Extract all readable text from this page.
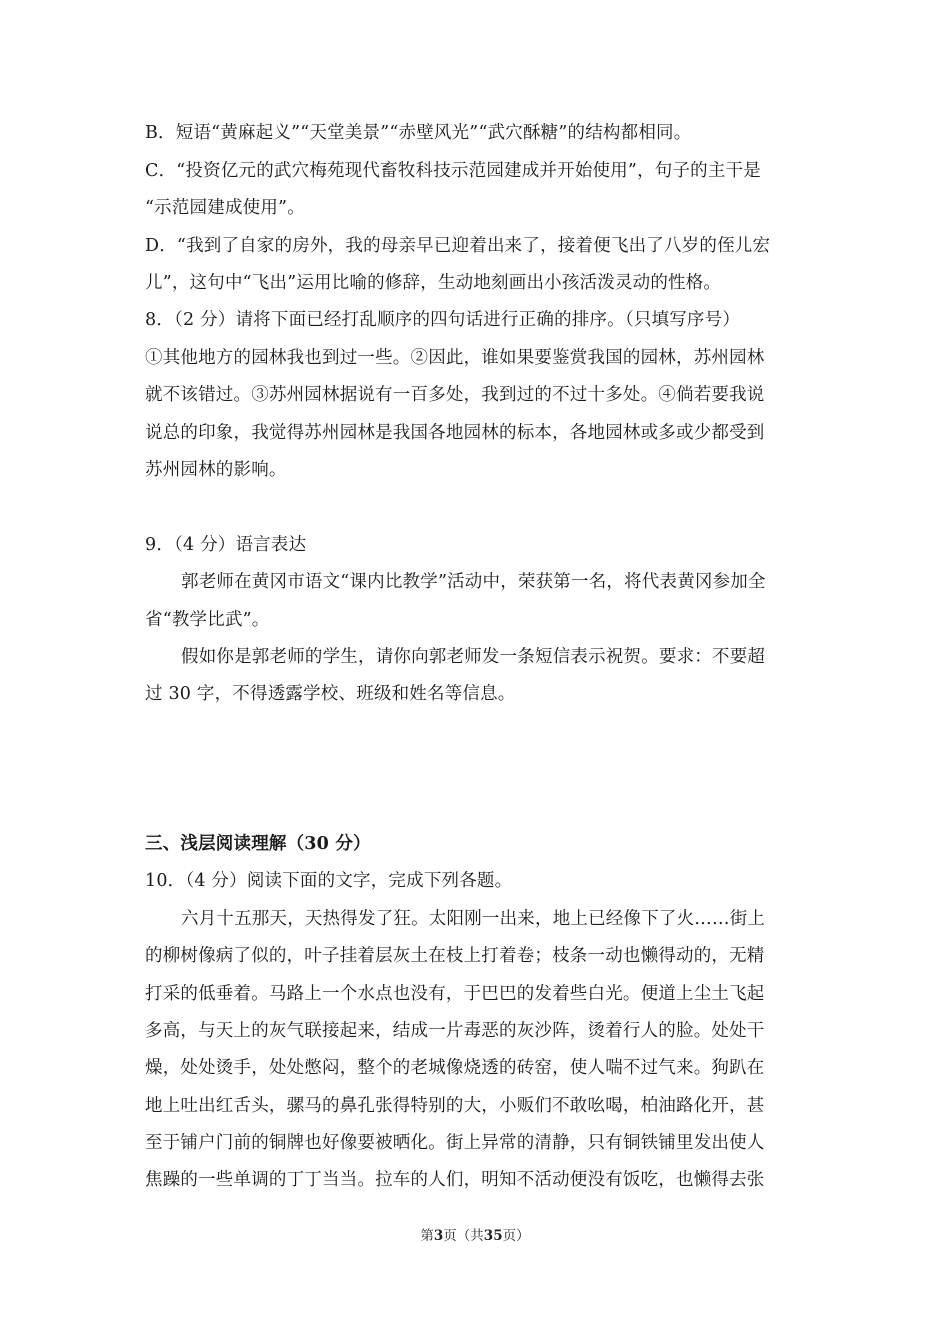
B．短语“黄麻起义”“天堂美景”“赤壁风光”“武穴酥糖”的结构都相同。
C．“投资亿元的武穴梅苑现代畜牧科技示范园建成并开始使用”，句子的主干是
“示范园建成使用”。
D．“我到了自家的房外，我的母亲早已迎着出来了，接着便飞出了八岁的侄儿宏
儿”，这句中“飞出”运用比喻的修辞，生动地刻画出小孩活泼灵动的性格。
8．（2 分）请将下面已经打乱顺序的四句话进行正确的排序。（只填写序号）
①其他地方的园林我也到过一些。②因此，谁如果要鉴赏我国的园林，苏州园林
就不该错过。③苏州园林据说有一百多处，我到过的不过十多处。④倘若要我说
说总的印象，我觉得苏州园林是我国各地园林的标本，各地园林或多或少都受到
苏州园林的影响。
9．（4 分）语言表达
郭老师在黄冈市语文“课内比教学”活动中，荣获第一名，将代表黄冈参加全
省“教学比武”。
假如你是郭老师的学生，请你向郭老师发一条短信表示祝贺。要求：不要超
过 30 字，不得透露学校、班级和姓名等信息。
三、浅层阅读理解（30 分）
10．（4 分）阅读下面的文字，完成下列各题。
六月十五那天，天热得发了狂。太阳刚一出来，地上已经像下了火……街上
的柳树像病了似的，叶子挂着层灰土在枝上打着卷；枝条一动也懒得动的，无精
打采的低垂着。马路上一个水点也没有，于巴巴的发着些白光。便道上尘土飞起
多高，与天上的灰气联接起来，结成一片毒恶的灰沙阵，烫着行人的脸。处处干
燥，处处烫手，处处憋闷，整个的老城像烧透的砖窑，使人喘不过气来。狗趴在
地上吐出红舌头，骡马的鼻孔张得特别的大，小贩们不敢吆喝，柏油路化开，甚
至于铺户门前的铜牌也好像要被晒化。街上异常的清静，只有铜铁铺里发出使人
焦躁的一些单调的丁丁当当。拉车的人们，明知不活动便没有饭吃，也懒得去张
第3页（共35页）
